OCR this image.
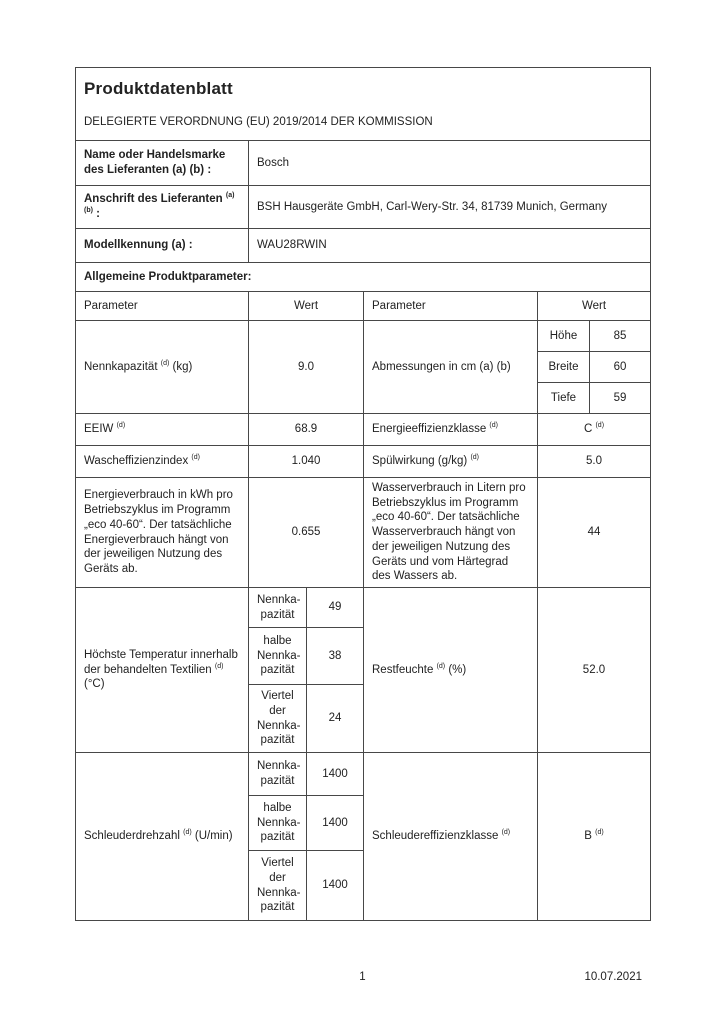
Produktdatenblatt
DELEGIERTE VERORDNUNG (EU) 2019/2014 DER KOMMISSION					

Name oder Handelsmarke des Lieferanten (a) (b) :	Bosch				
Anschrift des Lieferanten $^{(a) (b)}$ :	BSH Hausgeräte GmbH, Carl-Wery-Str. 34, 81739 Munich, Germany				
Modellkennung (a) :	WAU28RWIN				
Allgemeine Produktparameter:					
Parameter	Wert		Parameter	Wert	
Nennkapazität $^{(d)}$ (kg)	9.0		Abmessungen in cm (a) (b)	Höhe	85
				Breite	60
				Tiefe	59
EEIW $^{(d)}$	68.9		Energieeffizienzklasse $^{(d)}$	C $^{(d)}$
Wascheffizienzindex $^{(d)}$	1.040		Spülwirkung (g/kg) $^{(d)}$	5.0	
Energieverbrauch in kWh pro Betriebszyklus im Programm „eco 40-60“. Der tatsächliche Energieverbrauch hängt von der jeweiligen Nutzung des Geräts ab.	0.655		Wasserverbrauch in Litern pro Betriebszyklus im Programm „eco 40-60“. Der tatsächliche Wasserverbrauch hängt von der jeweiligen Nutzung des Geräts und vom Härtegrad des Wassers ab.	44	
Höchste Temperatur innerhalb der behandelten Textilien $^{(d)}$ (°C)	Nennka-pazität	49	Restfeuchte $^{(d)}$ (%)	52.0	
	halbe Nennka-pazität	38			
	Viertel der Nennka-pazität	24			
Schleuderdrehzahl $^{(d)}$ (U/min)	Nennka-pazität	1400	Schleudereffizienzklasse $^{(d)}$	B $^{(d)}$
	halbe Nennka-pazität	1400			
	Viertel der Nennka-pazität	1400			
1	10.07.2021
